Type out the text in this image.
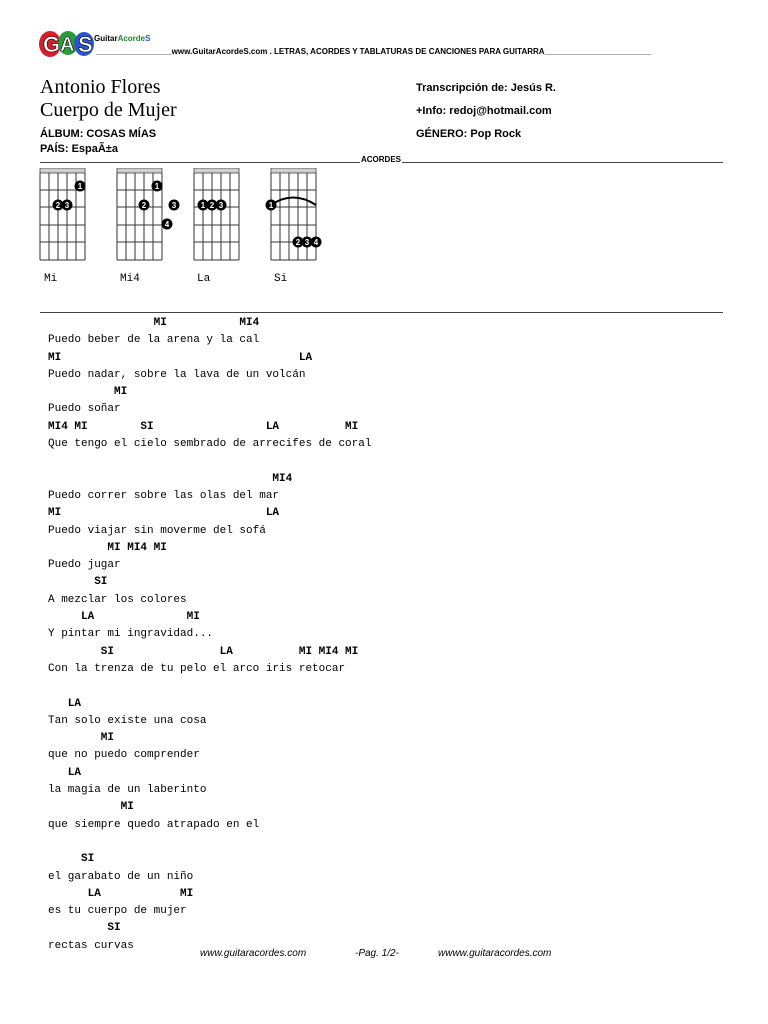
G A S GuitarAcordeS
_________________www.GuitarAcordeS.com . LETRAS, ACORDES Y TABLATURAS DE CANCIONES PARA GUITARRA________________________
Antonio Flores
Cuerpo de Mujer
ÁLBUM: COSAS MÍAS
PAÍS: EspaÃ±a
Transcripción de: Jesús R.
+Info: redoj@hotmail.com
GÉNERO: Pop Rock
ACORDES
1
2 3
1
2	3
4
1 2 3	1
2 3 4
Mi	Mi4	La	Si
MI           MI4
Puedo beber de la arena y la cal
MI                                    LA
Puedo nadar, sobre la lava de un volcán
MI
Puedo soñar
MI4 MI        SI                 LA          MI
Que tengo el cielo sembrado de arrecifes de coral
MI4
Puedo correr sobre las olas del mar
MI                               LA
Puedo viajar sin moverme del sofá
MI MI4 MI
Puedo jugar
SI
A mezclar los colores
LA              MI
Y pintar mi ingravidad...
SI                LA          MI MI4 MI
Con la trenza de tu pelo el arco iris retocar
LA
Tan solo existe una cosa
MI
que no puedo comprender
LA
la magia de un laberinto
MI
que siempre quedo atrapado en el
SI
el garabato de un niño
LA            MI
es tu cuerpo de mujer
SI
rectas curvas
www.guitaracordes.com	-Pag. 1/2-	wwww.guitaracordes.com
